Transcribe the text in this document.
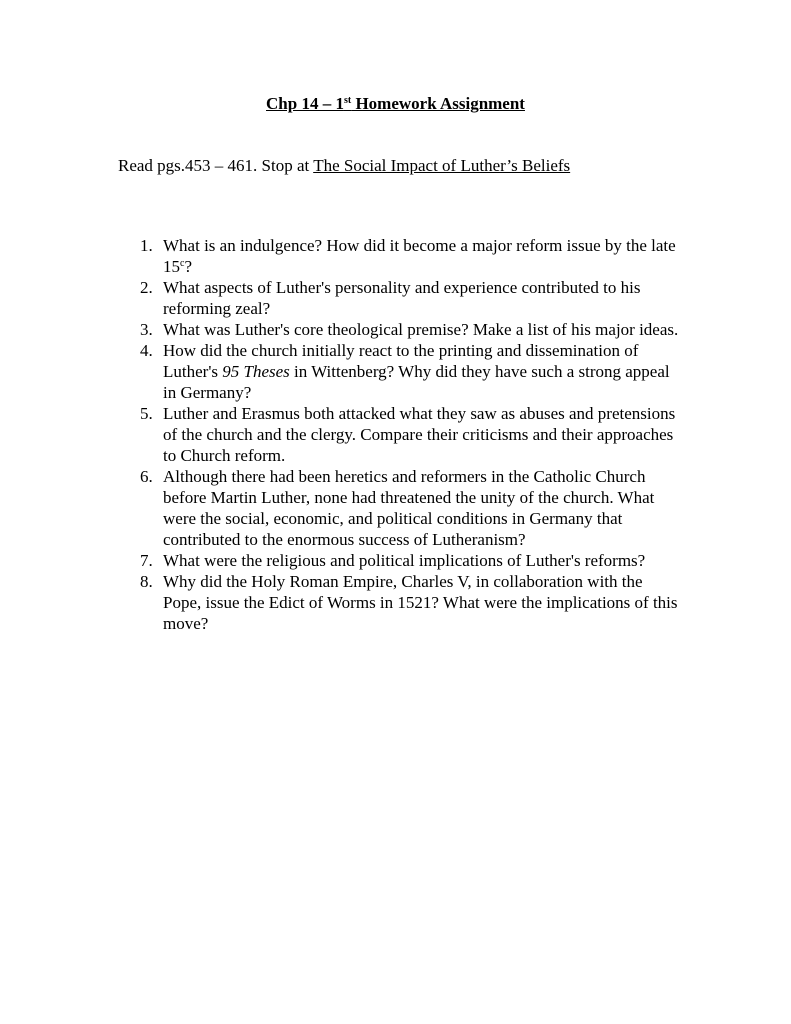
Chp 14 – 1st Homework Assignment
Read pgs.453 – 461. Stop at The Social Impact of Luther’s Beliefs
1. What is an indulgence? How did it become a major reform issue by the late 15$^c$?
2. What aspects of Luther's personality and experience contributed to his reforming zeal?
3. What was Luther's core theological premise? Make a list of his major ideas.
4. How did the church initially react to the printing and dissemination of Luther's 95 Theses in Wittenberg? Why did they have such a strong appeal in Germany?
5. Luther and Erasmus both attacked what they saw as abuses and pretensions of the church and the clergy. Compare their criticisms and their approaches to Church reform.
6. Although there had been heretics and reformers in the Catholic Church before Martin Luther, none had threatened the unity of the church. What were the social, economic, and political conditions in Germany that contributed to the enormous success of Lutheranism?
7. What were the religious and political implications of Luther's reforms?
8. Why did the Holy Roman Empire, Charles V, in collaboration with the Pope, issue the Edict of Worms in 1521? What were the implications of this move?
